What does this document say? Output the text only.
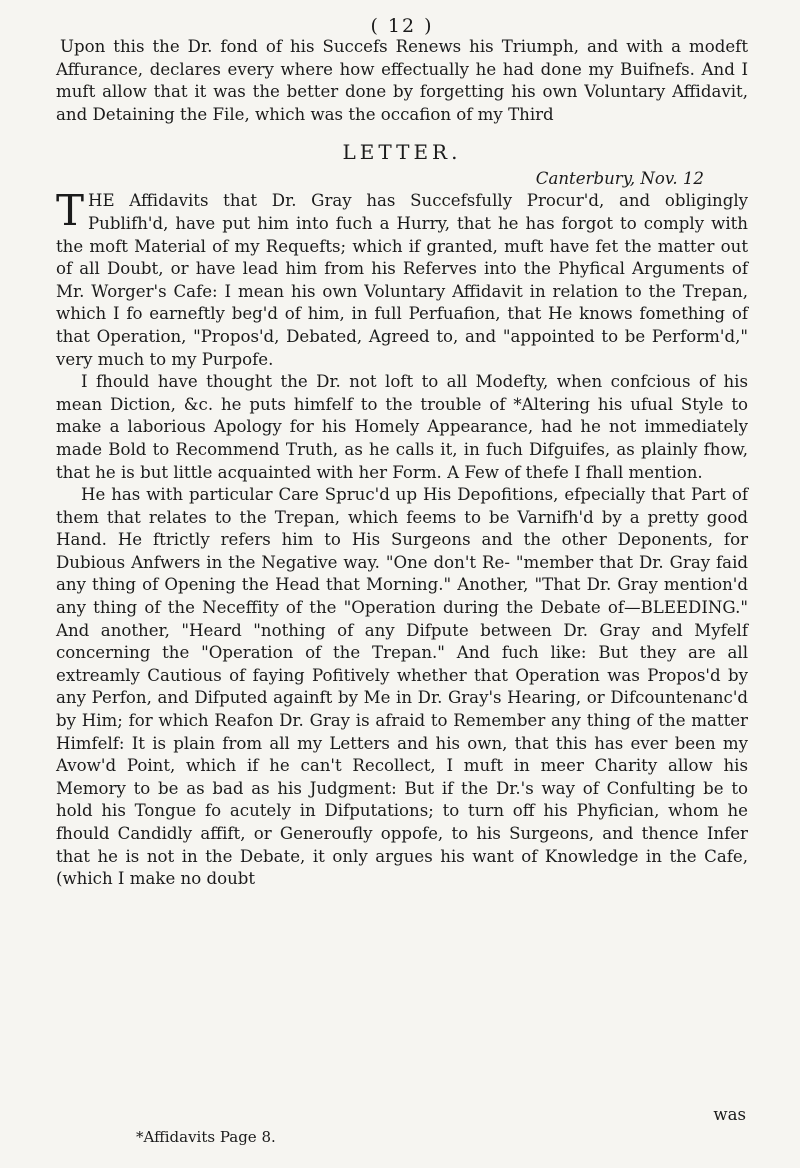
( 12 )

Upon this the Dr. fond of his Succefs Renews his Triumph, and with a modeft Affurance, declares every where how effectually he had done my Buifnefs. And I muft allow that it was the better done by forgetting his own Voluntary Affidavit, and Detaining the File, which was the occafion of my Third

LETTER.
Canterbury, Nov. 12

THE Affidavits that Dr. Gray has Succefsfully Procur'd, and obligingly Publifh'd, have put him into fuch a Hurry, that he has forgot to comply with the moft Material of my Requefts; which if granted, muft have fet the matter out of all Doubt, or have lead him from his Referves into the Phyfical Arguments of Mr. Worger's Cafe: I mean his own Voluntary Affidavit in relation to the Trepan, which I fo earneftly beg'd of him, in full Perfuafion, that He knows fomething of that Operation, "Propos'd, Debated, Agreed to, and "appointed to be Perform'd," very much to my Purpofe.

I fhould have thought the Dr. not loft to all Modefty, when confcious of his mean Diction, &c. he puts himfelf to the trouble of *Altering his ufual Style to make a laborious Apology for his Homely Appearance, had he not immediately made Bold to Recommend Truth, as he calls it, in fuch Difguifes, as plainly fhow, that he is but little acquainted with her Form. A Few of thefe I fhall mention.

He has with particular Care Spruc'd up His Depofitions, efpecially that Part of them that relates to the Trepan, which feems to be Varnifh'd by a pretty good Hand. He ftrictly refers him to His Surgeons and the other Deponents, for Dubious Anfwers in the Negative way. "One don't Re- "member that Dr. Gray faid any thing of Opening the Head that Morning." Another, "That Dr. Gray mention'd any thing of the Neceffity of the "Operation during the Debate of—BLEEDING." And another, "Heard "nothing of any Difpute between Dr. Gray and Myfelf concerning the "Operation of the Trepan." And fuch like: But they are all extreamly Cautious of faying Pofitively whether that Operation was Propos'd by any Perfon, and Difputed againft by Me in Dr. Gray's Hearing, or Difcountenanc'd by Him; for which Reafon Dr. Gray is afraid to Remember any thing of the matter Himfelf: It is plain from all my Letters and his own, that this has ever been my Avow'd Point, which if he can't Recollect, I muft in meer Charity allow his Memory to be as bad as his Judgment: But if the Dr.'s way of Confulting be to hold his Tongue fo acutely in Difputations; to turn off his Phyfician, whom he fhould Candidly affift, or Generoufly oppofe, to his Surgeons, and thence Infer that he is not in the Debate, it only argues his want of Knowledge in the Cafe, (which I make no doubt

was
*Affidavits Page 8.
